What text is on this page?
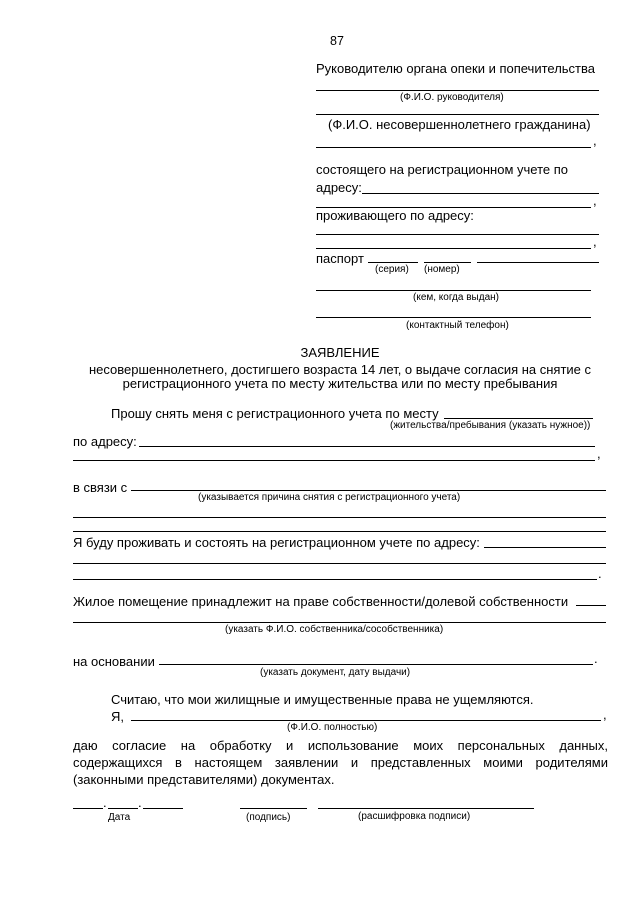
87
Руководителю органа опеки и попечительства
(Ф.И.О. руководителя)
(Ф.И.О. несовершеннолетнего гражданина)
,
состоящего на регистрационном учете по
адресу:
,
проживающего по адресу:
,
паспорт
(серия) (номер)
(кем, когда выдан)
(контактный телефон)
ЗАЯВЛЕНИЕ
несовершеннолетнего, достигшего возраста 14 лет, о выдаче согласия на снятие с
регистрационного учета по месту жительства или по месту пребывания
Прошу снять меня с регистрационного учета по месту
(жительства/пребывания (указать нужное))
по адресу:
,
в связи с
(указывается причина снятия с регистрационного учета)
Я буду проживать и состоять на регистрационном учете по адресу:
.
Жилое помещение принадлежит на праве собственности/долевой собственности
(указать Ф.И.О. собственника/сособственника)
на основании	.
(указать документ, дату выдачи)
Считаю, что мои жилищные и имущественные права не ущемляются.
Я,	,
(Ф.И.О. полностью)
даю согласие на обработку и использование моих персональных данных, содержащихся в настоящем заявлении и представленных моими родителями (законными представителями) документах.
. .
Дата	(подпись)	(расшифровка подписи)
